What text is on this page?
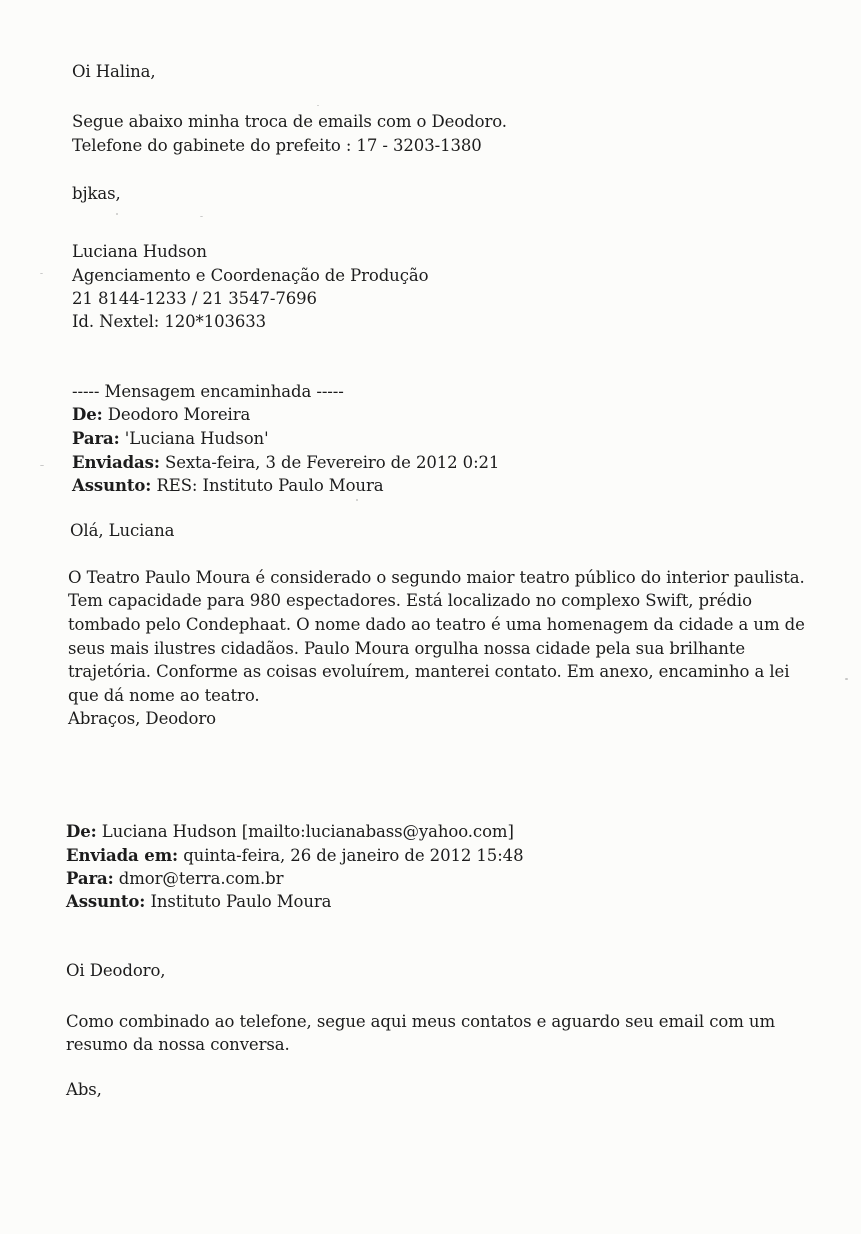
Oi Halina,
Segue abaixo minha troca de emails com o Deodoro.
Telefone do gabinete do prefeito : 17 - 3203-1380
bjkas,
Luciana Hudson
Agenciamento e Coordenação de Produção
21 8144-1233 / 21 3547-7696
Id. Nextel: 120*103633
----- Mensagem encaminhada -----
De: Deodoro Moreira
Para: 'Luciana Hudson'
Enviadas: Sexta-feira, 3 de Fevereiro de 2012 0:21
Assunto: RES: Instituto Paulo Moura
Olá, Luciana
O Teatro Paulo Moura é considerado o segundo maior teatro público do interior paulista.
Tem capacidade para 980 espectadores. Está localizado no complexo Swift, prédio
tombado pelo Condephaat. O nome dado ao teatro é uma homenagem da cidade a um de
seus mais ilustres cidadãos. Paulo Moura orgulha nossa cidade pela sua brilhante
trajetória. Conforme as coisas evoluírem, manterei contato. Em anexo, encaminho a lei
que dá nome ao teatro.
Abraços, Deodoro
De: Luciana Hudson [mailto:lucianabass@yahoo.com]
Enviada em: quinta-feira, 26 de janeiro de 2012 15:48
Para: dmor@terra.com.br
Assunto: Instituto Paulo Moura
Oi Deodoro,
Como combinado ao telefone, segue aqui meus contatos e aguardo seu email com um
resumo da nossa conversa.
Abs,
